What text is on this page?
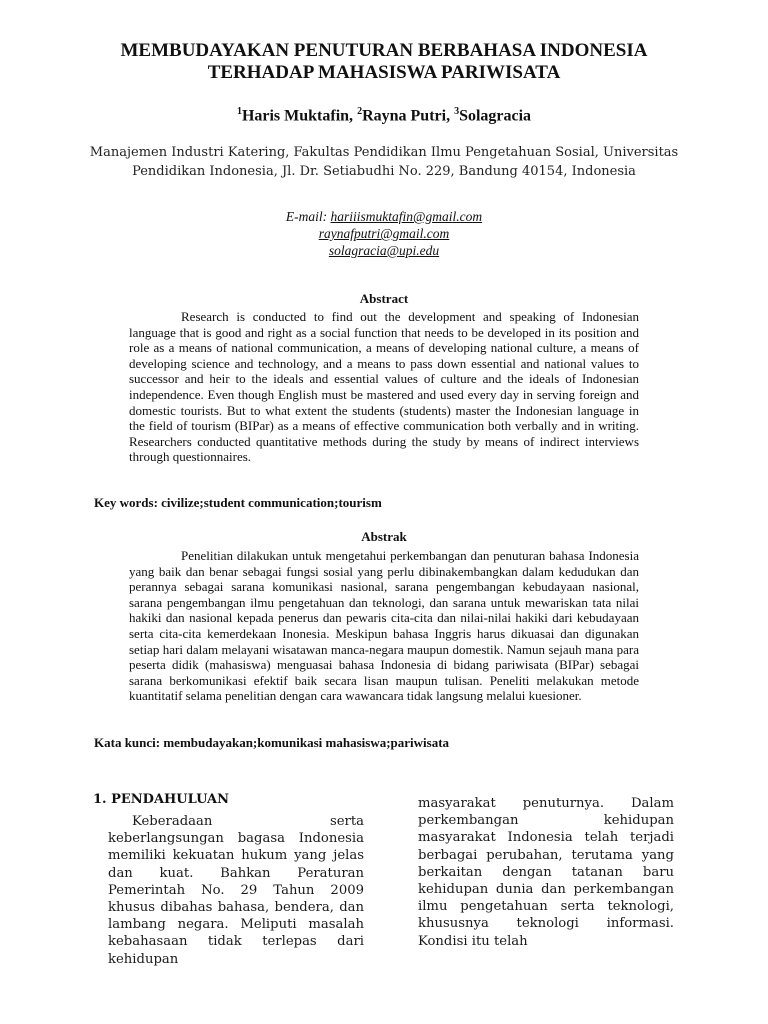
MEMBUDAYAKAN PENUTURAN BERBAHASA INDONESIA
TERHADAP MAHASISWA PARIWISATA
$^1$Haris Muktafin, $^2$Rayna Putri, $^3$Solagracia
Manajemen Industri Katering, Fakultas Pendidikan Ilmu Pengetahuan Sosial, Universitas
Pendidikan Indonesia, Jl. Dr. Setiabudhi No. 229, Bandung 40154, Indonesia
E-mail: hariiismuktafin@gmail.com
raynafputri@gmail.com
solagracia@upi.edu
Abstract

Research is conducted to find out the development and speaking of Indonesian language that is good and right as a social function that needs to be developed in its position and role as a means of national communication, a means of developing national culture, a means of developing science and technology, and a means to pass down essential and national values to successor and heir to the ideals and essential values of culture and the ideals of Indonesian independence. Even though English must be mastered and used every day in serving foreign and domestic tourists. But to what extent the students (students) master the Indonesian language in the field of tourism (BIPar) as a means of effective communication both verbally and in writing. Researchers conducted quantitative methods during the study by means of indirect interviews through questionnaires.

Key words: civilize;student communication;tourism
Abstrak

Penelitian dilakukan untuk mengetahui perkembangan dan penuturan bahasa Indonesia yang baik dan benar sebagai fungsi sosial yang perlu dibinakembangkan dalam kedudukan dan perannya sebagai sarana komunikasi nasional, sarana pengembangan kebudayaan nasional, sarana pengembangan ilmu pengetahuan dan teknologi, dan sarana untuk mewariskan tata nilai hakiki dan nasional kepada penerus dan pewaris cita-cita dan nilai-nilai hakiki dari kebudayaan serta cita-cita kemerdekaan Inonesia. Meskipun bahasa Inggris harus dikuasai dan digunakan setiap hari dalam melayani wisatawan manca-negara maupun domestik. Namun sejauh mana para peserta didik (mahasiswa) menguasai bahasa Indonesia di bidang pariwisata (BIPar) sebagai sarana berkomunikasi efektif baik secara lisan maupun tulisan. Peneliti melakukan metode kuantitatif selama penelitian dengan cara wawancara tidak langsung melalui kuesioner.

Kata kunci: membudayakan;komunikasi mahasiswa;pariwisata
1. PENDAHULUAN

Keberadaan serta keberlangsungan bagasa Indonesia memiliki kekuatan hukum yang jelas dan kuat. Bahkan Peraturan Pemerintah No. 29 Tahun 2009 khusus dibahas bahasa, bendera, dan lambang negara. Meliputi masalah kebahasaan tidak terlepas dari kehidupan

masyarakat penuturnya. Dalam perkembangan kehidupan masyarakat Indonesia telah terjadi berbagai perubahan, terutama yang berkaitan dengan tatanan baru kehidupan dunia dan perkembangan ilmu pengetahuan serta teknologi, khususnya teknologi informasi. Kondisi itu telah
